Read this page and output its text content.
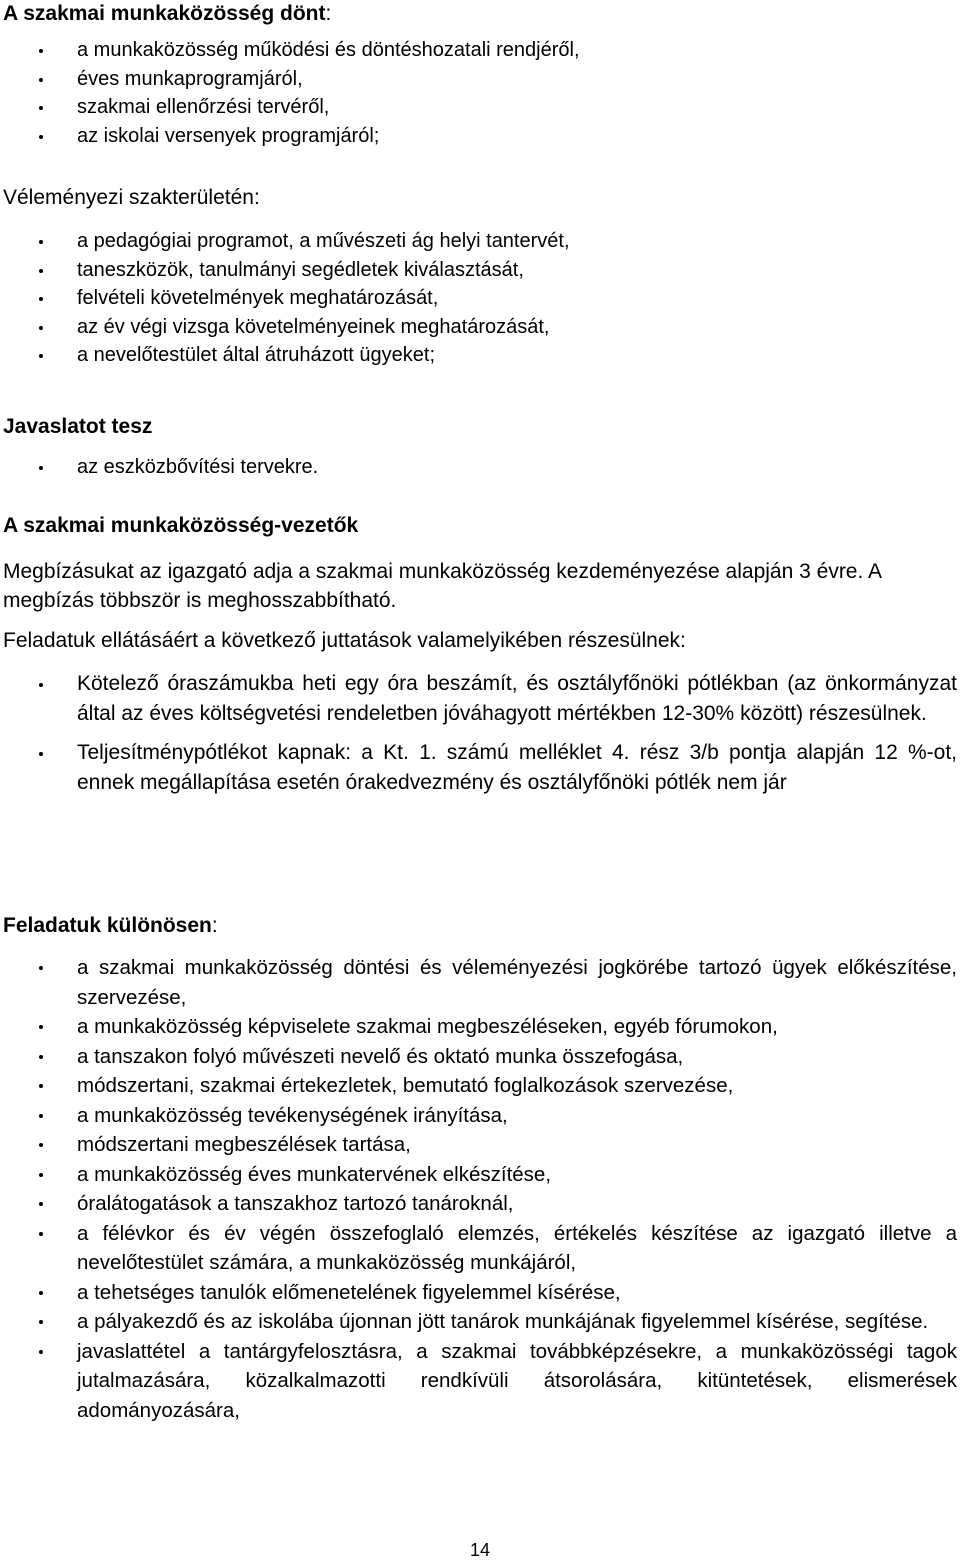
A szakmai munkaközösség dönt:
a munkaközösség működési és döntéshozatali rendjéről,
éves munkaprogramjáról,
szakmai ellenőrzési tervéről,
az iskolai versenyek programjáról;
Véleményezi szakterületén:
a pedagógiai programot, a művészeti ág helyi tantervét,
taneszközök, tanulmányi segédletek kiválasztását,
felvételi követelmények meghatározását,
az év végi vizsga követelményeinek meghatározását,
a nevelőtestület által átruházott ügyeket;
Javaslatot tesz
az eszközbővítési tervekre.
A szakmai munkaközösség-vezetők

Megbízásukat az igazgató adja a szakmai munkaközösség kezdeményezése alapján 3 évre. A megbízás többször is meghosszabbítható.

Feladatuk ellátásáért a következő juttatások valamelyikében részesülnek:

Kötelező óraszámukba heti egy óra beszámít, és osztályfőnöki pótlékban (az önkormányzat által az éves költségvetési rendeletben jóváhagyott mértékben 12-30% között) részesülnek.
Teljesítménypótlékot kapnak: a Kt. 1. számú melléklet 4. rész 3/b pontja alapján 12 %-ot, ennek megállapítása esetén órakedvezmény és osztályfőnöki pótlék nem jár
Feladatuk különösen:
a szakmai munkaközösség döntési és véleményezési jogkörébe tartozó ügyek előkészítése, szervezése,
a munkaközösség képviselete szakmai megbeszéléseken, egyéb fórumokon,
a tanszakon folyó művészeti nevelő és oktató munka összefogása,
módszertani, szakmai értekezletek, bemutató foglalkozások szervezése,
a munkaközösség tevékenységének irányítása,
módszertani megbeszélések tartása,
a munkaközösség éves munkatervének elkészítése,
óralátogatások a tanszakhoz tartozó tanároknál,
a félévkor és év végén összefoglaló elemzés, értékelés készítése az igazgató illetve a nevelőtestület számára, a munkaközösség munkájáról,
a tehetséges tanulók előmenetelének figyelemmel kísérése,
a pályakezdő és az iskolába újonnan jött tanárok munkájának figyelemmel kísérése, segítése.
javaslattétel a tantárgyfelosztásra, a szakmai továbbképzésekre, a munkaközösségi tagok jutalmazására, közalkalmazotti rendkívüli átsorolására, kitüntetések, elismerések adományozására,
14
